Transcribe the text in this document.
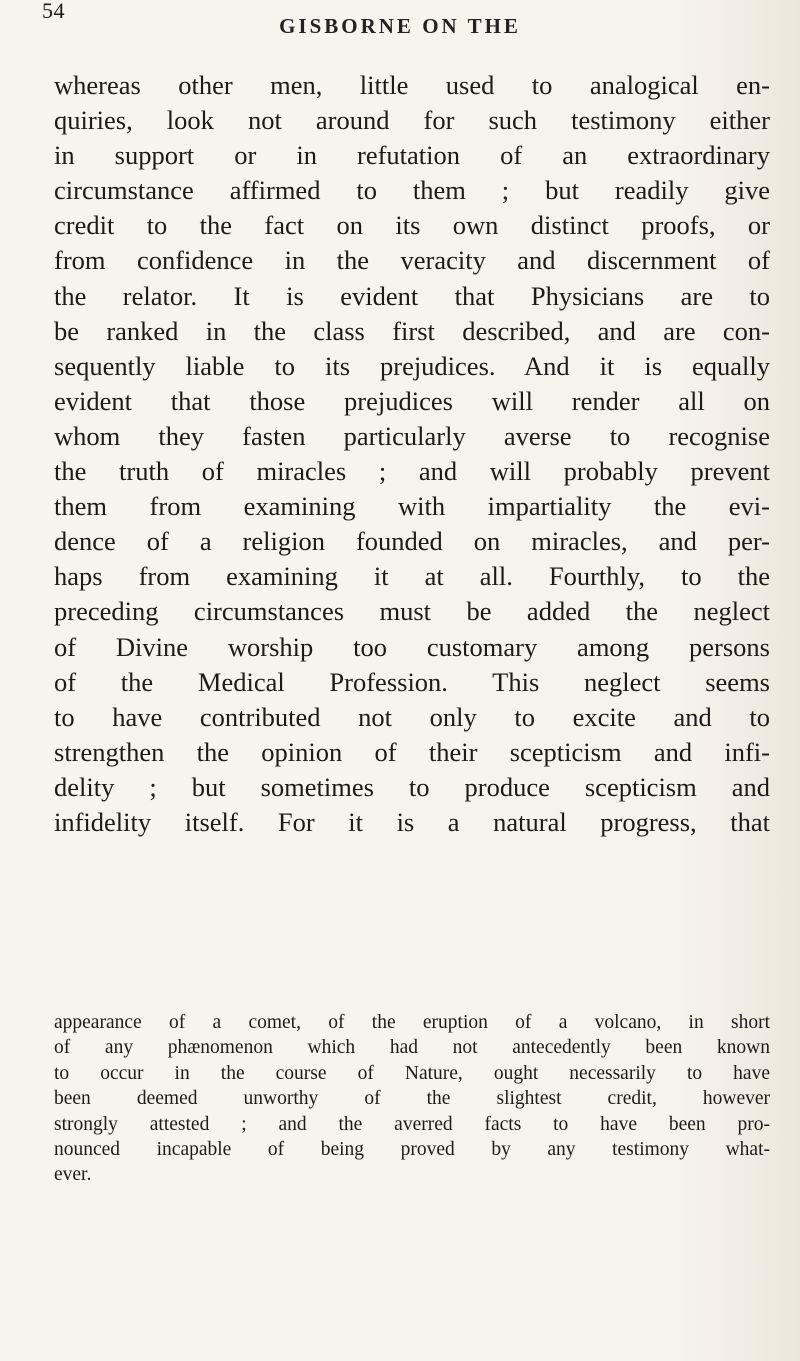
54
GISBORNE ON THE
whereas other men, little used to analogical en-
quiries, look not around for such testimony either
in support or in refutation of an extraordinary
circumstance affirmed to them ; but readily give
credit to the fact on its own distinct proofs, or
from confidence in the veracity and discernment of
the relator. It is evident that Physicians are to
be ranked in the class first described, and are con-
sequently liable to its prejudices. And it is equally
evident that those prejudices will render all on
whom they fasten particularly averse to recognise
the truth of miracles ; and will probably prevent
them from examining with impartiality the evi-
dence of a religion founded on miracles, and per-
haps from examining it at all. Fourthly, to the
preceding circumstances must be added the neglect
of Divine worship too customary among persons
of the Medical Profession. This neglect seems
to have contributed not only to excite and to
strengthen the opinion of their scepticism and infi-
delity ; but sometimes to produce scepticism and
infidelity itself. For it is a natural progress, that
appearance of a comet, of the eruption of a volcano, in short
of any phænomenon which had not antecedently been known
to occur in the course of Nature, ought necessarily to have
been deemed unworthy of the slightest credit, however
strongly attested ; and the averred facts to have been pro-
nounced incapable of being proved by any testimony what-
ever.
